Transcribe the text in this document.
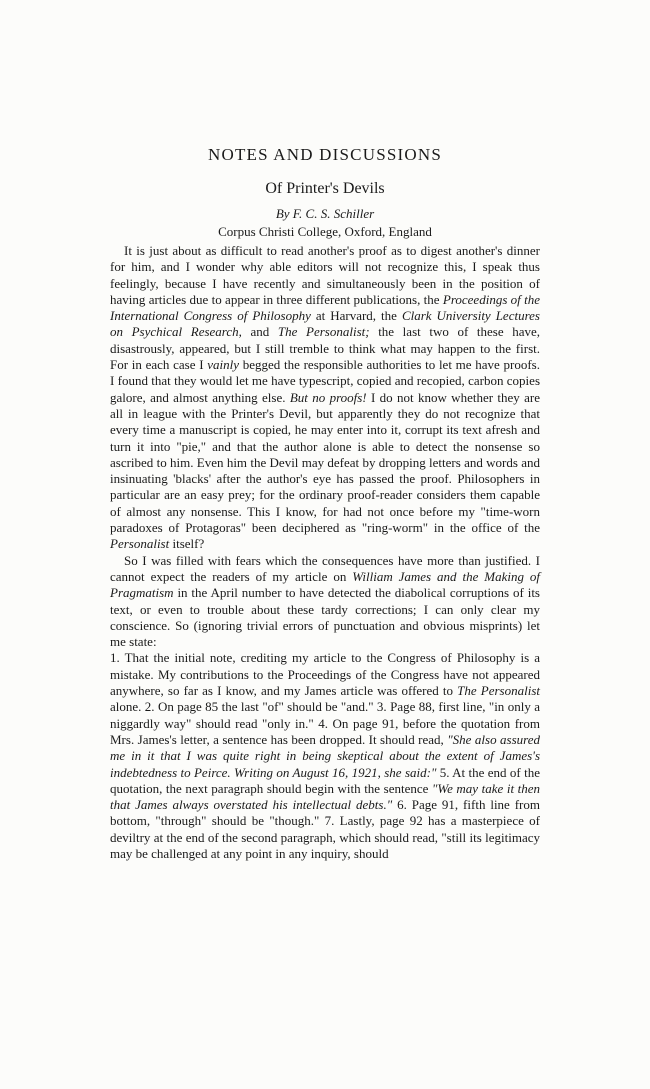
NOTES AND DISCUSSIONS
Of Printer's Devils
By F. C. S. Schiller
Corpus Christi College, Oxford, England

It is just about as difficult to read another's proof as to digest another's dinner for him, and I wonder why able editors will not recognize this, I speak thus feelingly, because I have recently and simultaneously been in the position of having articles due to appear in three different publications, the Proceedings of the International Congress of Philosophy at Harvard, the Clark University Lectures on Psychical Research, and The Personalist; the last two of these have, disastrously, appeared, but I still tremble to think what may happen to the first. For in each case I vainly begged the responsible authorities to let me have proofs. I found that they would let me have typescript, copied and recopied, carbon copies galore, and almost anything else. But no proofs! I do not know whether they are all in league with the Printer's Devil, but apparently they do not recognize that every time a manuscript is copied, he may enter into it, corrupt its text afresh and turn it into "pie," and that the author alone is able to detect the nonsense so ascribed to him. Even him the Devil may defeat by dropping letters and words and insinuating 'blacks' after the author's eye has passed the proof. Philosophers in particular are an easy prey; for the ordinary proof-reader considers them capable of almost any nonsense. This I know, for had not once before my "time-worn paradoxes of Protagoras" been deciphered as "ring-worm" in the office of the Personalist itself?

So I was filled with fears which the consequences have more than justified. I cannot expect the readers of my article on William James and the Making of Pragmatism in the April number to have detected the diabolical corruptions of its text, or even to trouble about these tardy corrections; I can only clear my conscience. So (ignoring trivial errors of punctuation and obvious misprints) let me state:

1. That the initial note, crediting my article to the Congress of Philosophy is a mistake. My contributions to the Proceedings of the Congress have not appeared anywhere, so far as I know, and my James article was offered to The Personalist alone. 2. On page 85 the last "of" should be "and." 3. Page 88, first line, "in only a niggardly way" should read "only in." 4. On page 91, before the quotation from Mrs. James's letter, a sentence has been dropped. It should read, "She also assured me in it that I was quite right in being skeptical about the extent of James's indebtedness to Peirce. Writing on August 16, 1921, she said:" 5. At the end of the quotation, the next paragraph should begin with the sentence "We may take it then that James always overstated his intellectual debts." 6. Page 91, fifth line from bottom, "through" should be "though." 7. Lastly, page 92 has a masterpiece of deviltry at the end of the second paragraph, which should read, "still its legitimacy may be challenged at any point in any inquiry, should
